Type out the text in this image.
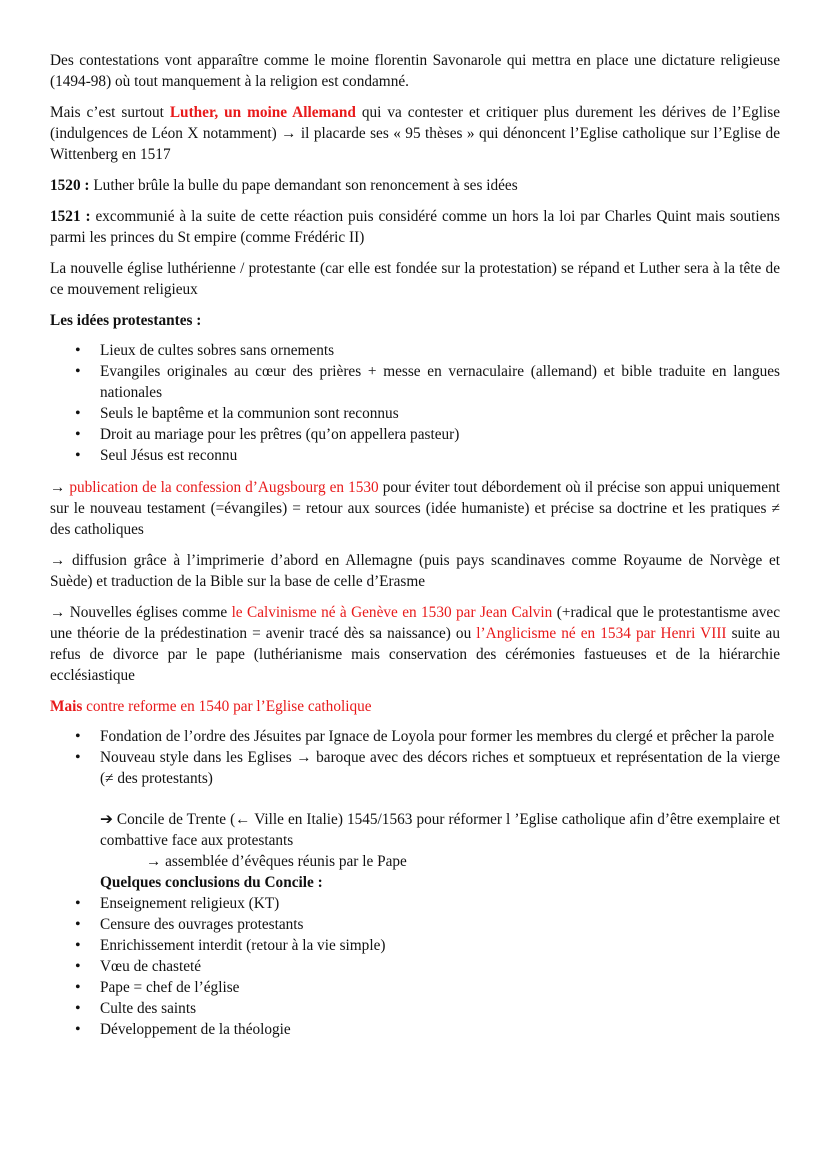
Des contestations vont apparaître comme le moine florentin Savonarole qui mettra en place une dictature religieuse (1494-98) où tout manquement à la religion est condamné.

Mais c’est surtout Luther, un moine Allemand qui va contester et critiquer plus durement les dérives de l’Eglise (indulgences de Léon X notamment) → il placarde ses « 95 thèses » qui dénoncent l’Eglise catholique sur l’Eglise de Wittenberg en 1517

1520 : Luther brûle la bulle du pape demandant son renoncement à ses idées

1521 : excommunié à la suite de cette réaction puis considéré comme un hors la loi par Charles Quint mais soutiens parmi les princes du St empire (comme Frédéric II)

La nouvelle église luthérienne / protestante (car elle est fondée sur la protestation) se répand et Luther sera à la tête de ce mouvement religieux

Les idées protestantes :

• Lieux de cultes sobres sans ornements
• Evangiles originales au cœur des prières + messe en vernaculaire (allemand) et bible traduite en langues nationales
• Seuls le baptême et la communion sont reconnus
• Droit au mariage pour les prêtres (qu’on appellera pasteur)
• Seul Jésus est reconnu

→ publication de la confession d’Augsbourg en 1530 pour éviter tout débordement où il précise son appui uniquement sur le nouveau testament (=évangiles) = retour aux sources (idée humaniste) et précise sa doctrine et les pratiques ≠ des catholiques

→ diffusion grâce à l’imprimerie d’abord en Allemagne (puis pays scandinaves comme Royaume de Norvège et Suède) et traduction de la Bible sur la base de celle d’Erasme

→ Nouvelles églises comme le Calvinisme né à Genève en 1530 par Jean Calvin (+radical que le protestantisme avec une théorie de la prédestination = avenir tracé dès sa naissance) ou l’Anglicisme né en 1534 par Henri VIII suite au refus de divorce par le pape (luthérianisme mais conservation des cérémonies fastueuses et de la hiérarchie ecclésiastique

Mais contre reforme en 1540 par l’Eglise catholique

• Fondation de l’ordre des Jésuites par Ignace de Loyola pour former les membres du clergé et prêcher la parole
• Nouveau style dans les Eglises → baroque avec des décors riches et somptueux et représentation de la vierge (≠ des protestants)

➔ Concile de Trente (← Ville en Italie) 1545/1563 pour réformer l ’Eglise catholique afin d’être exemplaire et combattive face aux protestants

→ assemblée d’évêques réunis par le Pape

Quelques conclusions du Concile :

• Enseignement religieux (KT)
• Censure des ouvrages protestants
• Enrichissement interdit (retour à la vie simple)
• Vœu de chasteté
• Pape = chef de l’église
• Culte des saints
• Développement de la théologie
